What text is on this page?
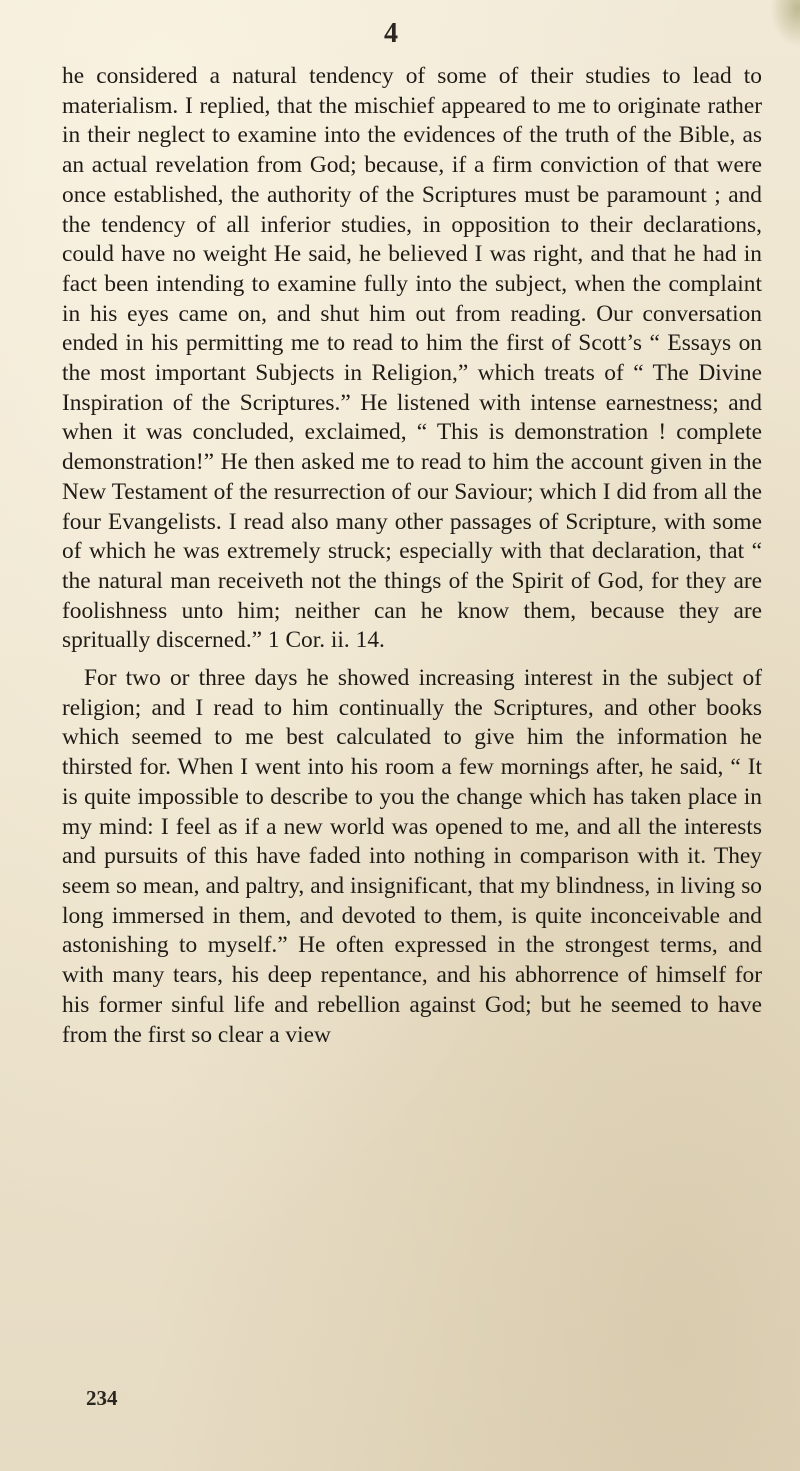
4

he considered a natural tendency of some of their studies to lead to materialism. I replied, that the mischief appeared to me to originate rather in their neglect to examine into the evidences of the truth of the Bible, as an actual revelation from God; because, if a firm conviction of that were once established, the authority of the Scriptures must be paramount ; and the tendency of all inferior studies, in opposition to their declarations, could have no weight He said, he believed I was right, and that he had in fact been intending to examine fully into the subject, when the complaint in his eyes came on, and shut him out from reading. Our conversation ended in his permitting me to read to him the first of Scott’s “ Essays on the most important Subjects in Religion,” which treats of “ The Divine Inspiration of the Scriptures.” He listened with intense earnestness; and when it was concluded, exclaimed, “ This is demonstration ! complete demonstration!” He then asked me to read to him the account given in the New Testament of the resurrection of our Saviour; which I did from all the four Evangelists. I read also many other passages of Scripture, with some of which he was extremely struck; especially with that declaration, that “ the natural man receiveth not the things of the Spirit of God, for they are foolishness unto him; neither can he know them, because they are spritually discerned.” 1 Cor. ii. 14.

For two or three days he showed increasing interest in the subject of religion; and I read to him continually the Scriptures, and other books which seemed to me best calculated to give him the information he thirsted for. When I went into his room a few mornings after, he said, “ It is quite impossible to describe to you the change which has taken place in my mind: I feel as if a new world was opened to me, and all the interests and pursuits of this have faded into nothing in comparison with it. They seem so mean, and paltry, and insignificant, that my blindness, in living so long immersed in them, and devoted to them, is quite inconceivable and astonishing to myself.” He often expressed in the strongest terms, and with many tears, his deep repentance, and his abhorrence of himself for his former sinful life and rebellion against God; but he seemed to have from the first so clear a view

234
